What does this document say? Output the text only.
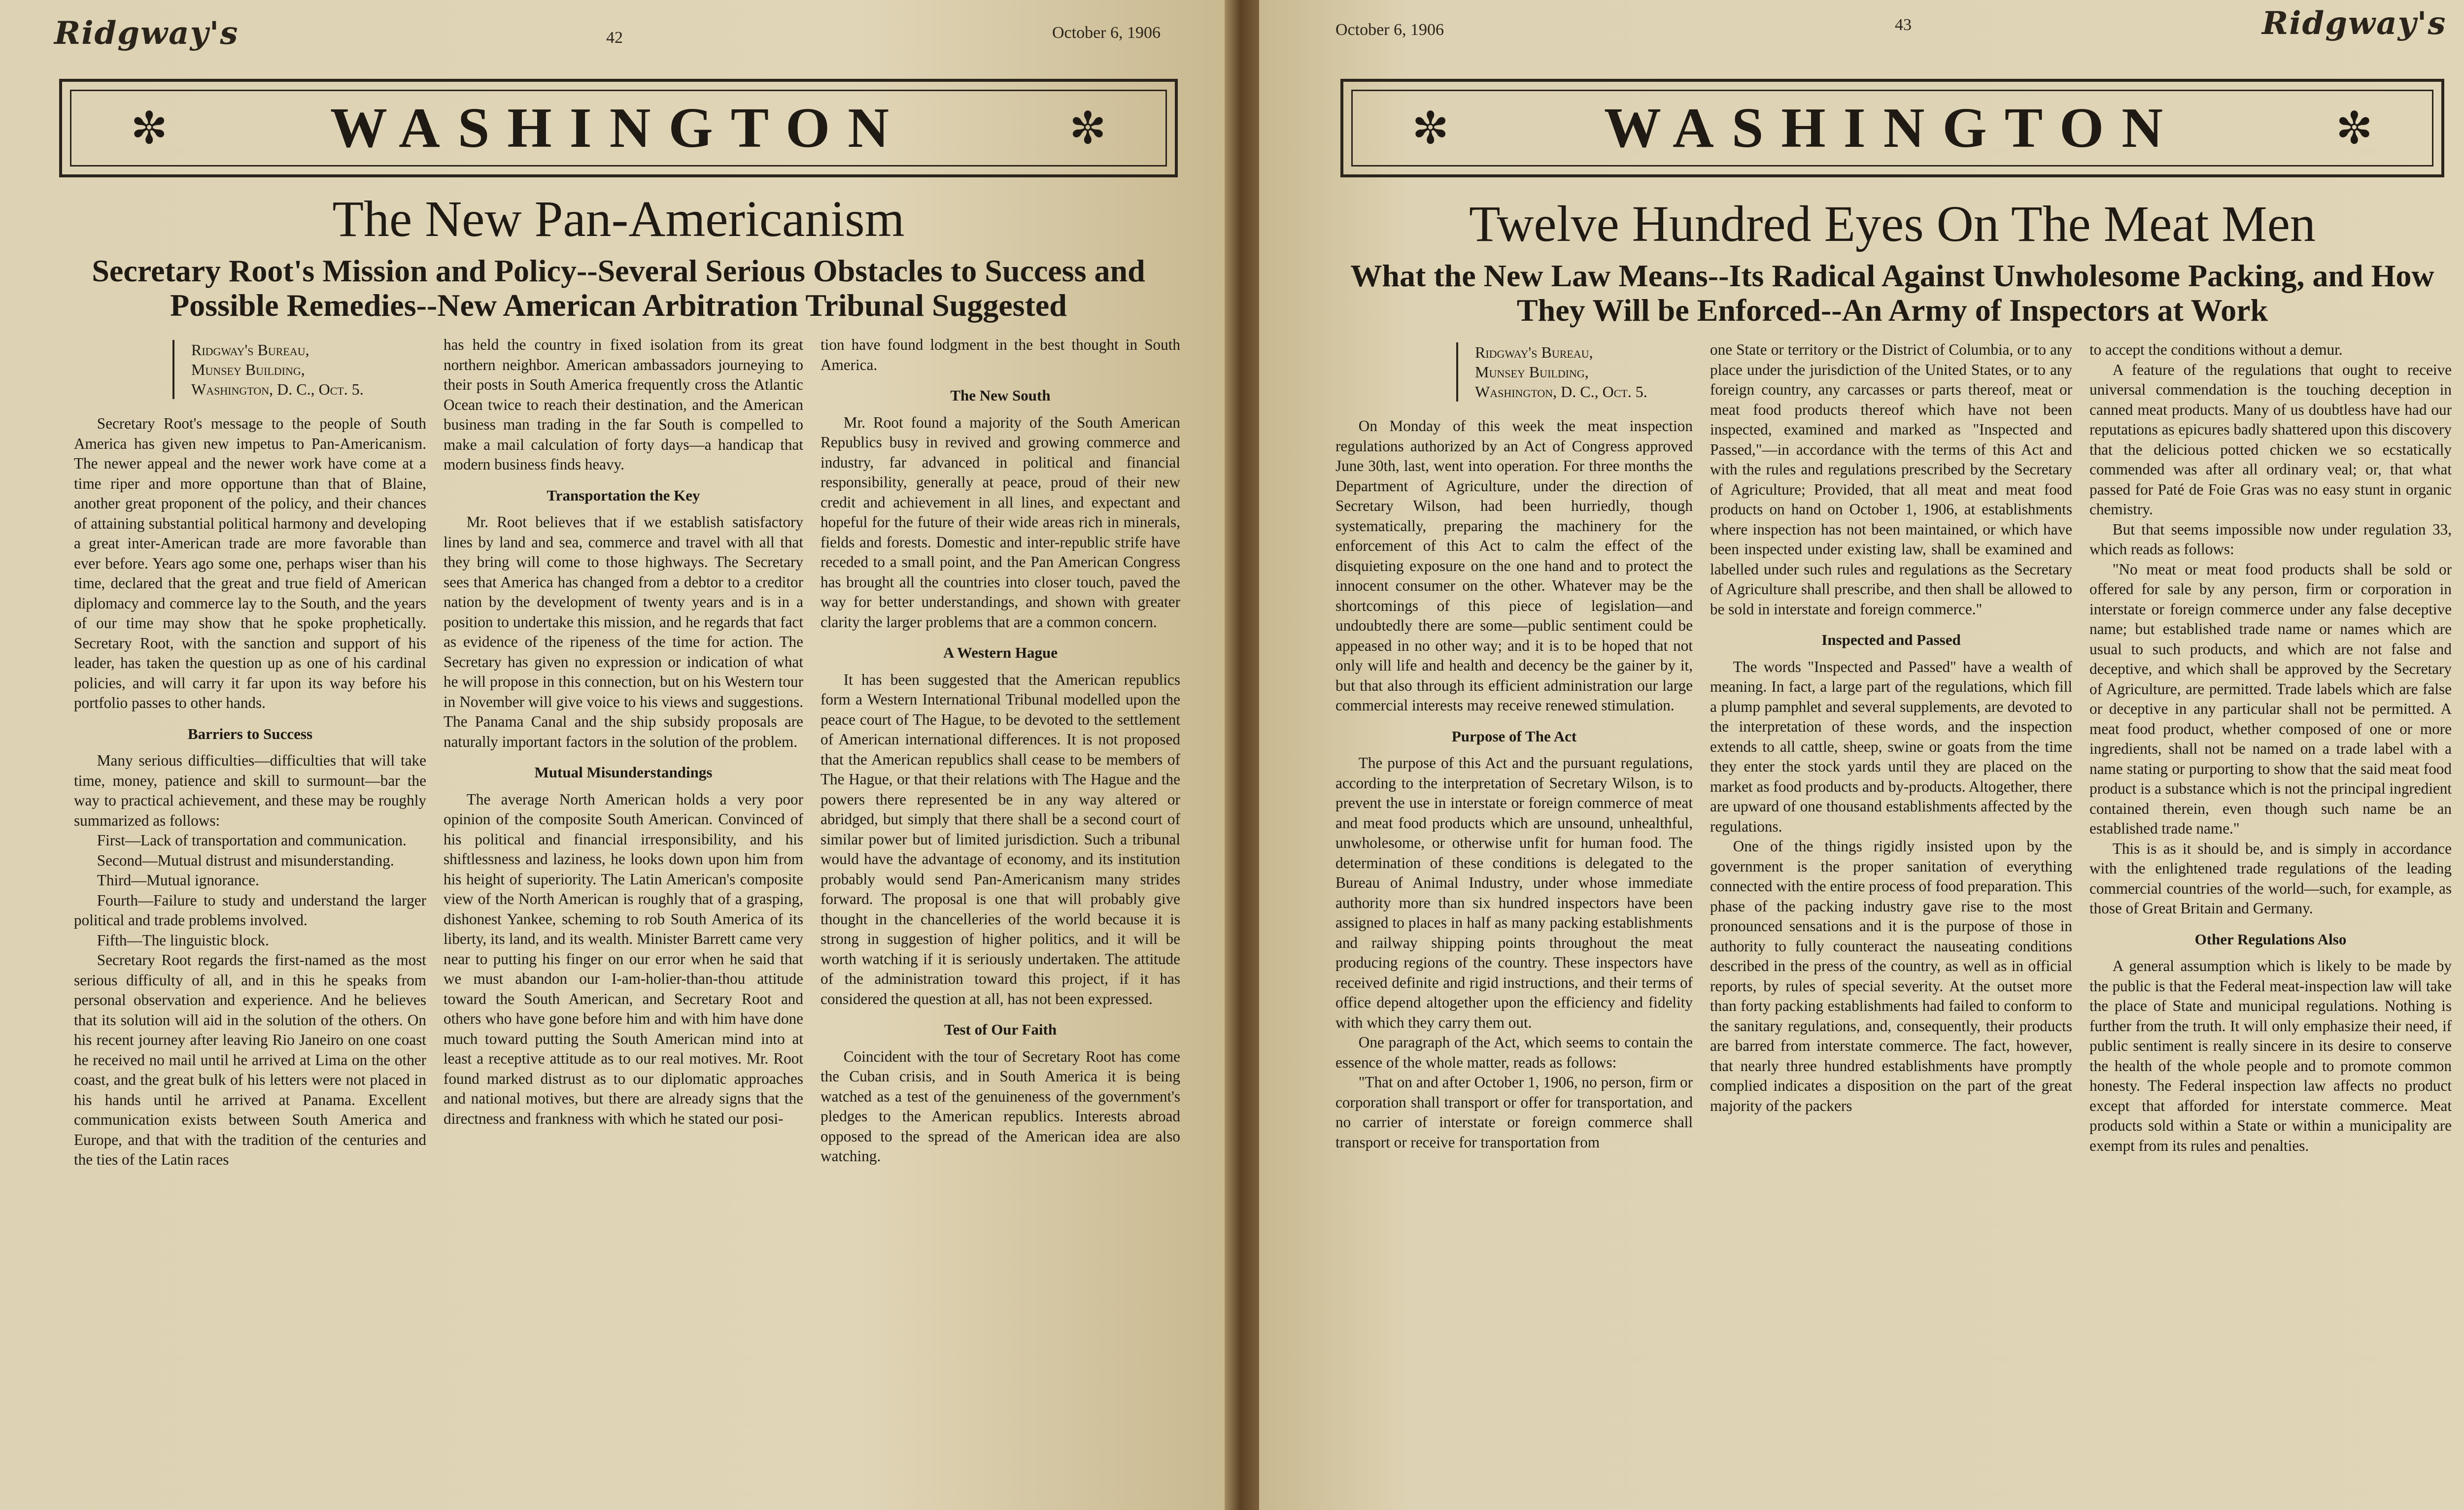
Ridgway's	42	October 6, 1906
✼	WASHINGTON	✼
The New Pan-Americanism
Secretary Root's Mission and Policy--Several Serious Obstacles to Success and Possible Remedies--New American Arbitration Tribunal Suggested
Ridgway's Bureau,
Munsey Building,
Washington, D. C., Oct. 5.

Secretary Root's message to the people of South America has given new impetus to Pan-Americanism. The newer appeal and the newer work have come at a time riper and more opportune than that of Blaine, another great proponent of the policy, and their chances of attaining substantial political harmony and developing a great inter-American trade are more favorable than ever before. Years ago some one, perhaps wiser than his time, declared that the great and true field of American diplomacy and commerce lay to the South, and the years of our time may show that he spoke prophetically. Secretary Root, with the sanction and support of his leader, has taken the question up as one of his cardinal policies, and will carry it far upon its way before his portfolio passes to other hands.

Barriers to Success

Many serious difficulties—difficulties that will take time, money, patience and skill to surmount—bar the way to practical achievement, and these may be roughly summarized as follows:

First—Lack of transportation and communication.

Second—Mutual distrust and misunderstanding.

Third—Mutual ignorance.

Fourth—Failure to study and understand the larger political and trade problems involved.

Fifth—The linguistic block.

Secretary Root regards the first-named as the most serious difficulty of all, and in this he speaks from personal observation and experience. And he believes that its solution will aid in the solution of the others. On his recent journey after leaving Rio Janeiro on one coast he received no mail until he arrived at Lima on the other coast, and the great bulk of his letters were not placed in his hands until he arrived at Panama. Excellent communication exists between South America and Europe, and that with the tradition of the centuries and the ties of the Latin races

has held the country in fixed isolation from its great northern neighbor. American ambassadors journeying to their posts in South America frequently cross the Atlantic Ocean twice to reach their destination, and the American business man trading in the far South is compelled to make a mail calculation of forty days—a handicap that modern business finds heavy.

Transportation the Key

Mr. Root believes that if we establish satisfactory lines by land and sea, commerce and travel with all that they bring will come to those highways. The Secretary sees that America has changed from a debtor to a creditor nation by the development of twenty years and is in a position to undertake this mission, and he regards that fact as evidence of the ripeness of the time for action. The Secretary has given no expression or indication of what he will propose in this connection, but on his Western tour in November will give voice to his views and suggestions. The Panama Canal and the ship subsidy proposals are naturally important factors in the solution of the problem.

Mutual Misunderstandings

The average North American holds a very poor opinion of the composite South American. Convinced of his political and financial irresponsibility, and his shiftlessness and laziness, he looks down upon him from his height of superiority. The Latin American's composite view of the North American is roughly that of a grasping, dishonest Yankee, scheming to rob South America of its liberty, its land, and its wealth. Minister Barrett came very near to putting his finger on our error when he said that we must abandon our I-am-holier-than-thou attitude toward the South American, and Secretary Root and others who have gone before him and with him have done much toward putting the South American mind into at least a receptive attitude as to our real motives. Mr. Root found marked distrust as to our diplomatic approaches and national motives, but there are already signs that the directness and frankness with which he stated our posi-

tion have found lodgment in the best thought in South America.

The New South

Mr. Root found a majority of the South American Republics busy in revived and growing commerce and industry, far advanced in political and financial responsibility, generally at peace, proud of their new credit and achievement in all lines, and expectant and hopeful for the future of their wide areas rich in minerals, fields and forests. Domestic and inter-republic strife have receded to a small point, and the Pan American Congress has brought all the countries into closer touch, paved the way for better understandings, and shown with greater clarity the larger problems that are a common concern.

A Western Hague

It has been suggested that the American republics form a Western International Tribunal modelled upon the peace court of The Hague, to be devoted to the settlement of American international differences. It is not proposed that the American republics shall cease to be members of The Hague, or that their relations with The Hague and the powers there represented be in any way altered or abridged, but simply that there shall be a second court of similar power but of limited jurisdiction. Such a tribunal would have the advantage of economy, and its institution probably would send Pan-Americanism many strides forward. The proposal is one that will probably give thought in the chancelleries of the world because it is strong in suggestion of higher politics, and it will be worth watching if it is seriously undertaken. The attitude of the administration toward this project, if it has considered the question at all, has not been expressed.

Test of Our Faith

Coincident with the tour of Secretary Root has come the Cuban crisis, and in South America it is being watched as a test of the genuineness of the government's pledges to the American republics. Interests abroad opposed to the spread of the American idea are also watching.

October 6, 1906	43	Ridgway's
✼	WASHINGTON	✼
Twelve Hundred Eyes On The Meat Men
What the New Law Means--Its Radical Against Unwholesome Packing, and How They Will be Enforced--An Army of Inspectors at Work
Ridgway's Bureau,
Munsey Building,
Washington, D. C., Oct. 5.

On Monday of this week the meat inspection regulations authorized by an Act of Congress approved June 30th, last, went into operation. For three months the Department of Agriculture, under the direction of Secretary Wilson, had been hurriedly, though systematically, preparing the machinery for the enforcement of this Act to calm the effect of the disquieting exposure on the one hand and to protect the innocent consumer on the other. Whatever may be the shortcomings of this piece of legislation—and undoubtedly there are some—public sentiment could be appeased in no other way; and it is to be hoped that not only will life and health and decency be the gainer by it, but that also through its efficient administration our large commercial interests may receive renewed stimulation.

Purpose of The Act

The purpose of this Act and the pursuant regulations, according to the interpretation of Secretary Wilson, is to prevent the use in interstate or foreign commerce of meat and meat food products which are unsound, unhealthful, unwholesome, or otherwise unfit for human food. The determination of these conditions is delegated to the Bureau of Animal Industry, under whose immediate authority more than six hundred inspectors have been assigned to places in half as many packing establishments and railway shipping points throughout the meat producing regions of the country. These inspectors have received definite and rigid instructions, and their terms of office depend altogether upon the efficiency and fidelity with which they carry them out.

One paragraph of the Act, which seems to contain the essence of the whole matter, reads as follows:

"That on and after October 1, 1906, no person, firm or corporation shall transport or offer for transportation, and no carrier of interstate or foreign commerce shall transport or receive for transportation from

one State or territory or the District of Columbia, or to any place under the jurisdiction of the United States, or to any foreign country, any carcasses or parts thereof, meat or meat food products thereof which have not been inspected, examined and marked as "Inspected and Passed,"—in accordance with the terms of this Act and with the rules and regulations prescribed by the Secretary of Agriculture; Provided, that all meat and meat food products on hand on October 1, 1906, at establishments where inspection has not been maintained, or which have been inspected under existing law, shall be examined and labelled under such rules and regulations as the Secretary of Agriculture shall prescribe, and then shall be allowed to be sold in interstate and foreign commerce."

Inspected and Passed

The words "Inspected and Passed" have a wealth of meaning. In fact, a large part of the regulations, which fill a plump pamphlet and several supplements, are devoted to the interpretation of these words, and the inspection extends to all cattle, sheep, swine or goats from the time they enter the stock yards until they are placed on the market as food products and by-products. Altogether, there are upward of one thousand establishments affected by the regulations.

One of the things rigidly insisted upon by the government is the proper sanitation of everything connected with the entire process of food preparation. This phase of the packing industry gave rise to the most pronounced sensations and it is the purpose of those in authority to fully counteract the nauseating conditions described in the press of the country, as well as in official reports, by rules of special severity. At the outset more than forty packing establishments had failed to conform to the sanitary regulations, and, consequently, their products are barred from interstate commerce. The fact, however, that nearly three hundred establishments have promptly complied indicates a disposition on the part of the great majority of the packers

to accept the conditions without a demur.

A feature of the regulations that ought to receive universal commendation is the touching deception in canned meat products. Many of us doubtless have had our reputations as epicures badly shattered upon this discovery that the delicious potted chicken we so ecstatically commended was after all ordinary veal; or, that what passed for Paté de Foie Gras was no easy stunt in organic chemistry.

But that seems impossible now under regulation 33, which reads as follows:

"No meat or meat food products shall be sold or offered for sale by any person, firm or corporation in interstate or foreign commerce under any false deceptive name; but established trade name or names which are usual to such products, and which are not false and deceptive, and which shall be approved by the Secretary of Agriculture, are permitted. Trade labels which are false or deceptive in any particular shall not be permitted. A meat food product, whether composed of one or more ingredients, shall not be named on a trade label with a name stating or purporting to show that the said meat food product is a substance which is not the principal ingredient contained therein, even though such name be an established trade name."

This is as it should be, and is simply in accordance with the enlightened trade regulations of the leading commercial countries of the world—such, for example, as those of Great Britain and Germany.

Other Regulations Also

A general assumption which is likely to be made by the public is that the Federal meat-inspection law will take the place of State and municipal regulations. Nothing is further from the truth. It will only emphasize their need, if public sentiment is really sincere in its desire to conserve the health of the whole people and to promote common honesty. The Federal inspection law affects no product except that afforded for interstate commerce. Meat products sold within a State or within a municipality are exempt from its rules and penalties.
